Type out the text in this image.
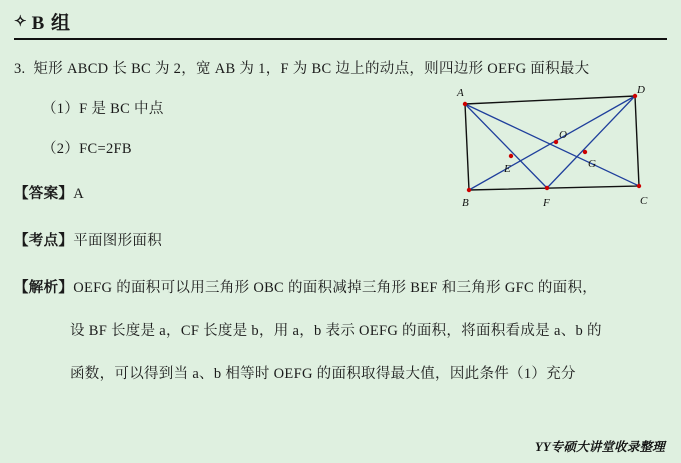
✧ B 组
3. 矩形 ABCD 长 BC 为 2，宽 AB 为 1，F 为 BC 边上的动点，则四边形 OEFG 面积最大
（1）F 是 BC 中点
（2）FC=2FB
【答案】A
【考点】平面图形面积
【解析】OEFG 的面积可以用三角形 OBC 的面积减掉三角形 BEF 和三角形 GFC 的面积，
设 BF 长度是 a，CF 长度是 b，用 a，b 表示 OEFG 的面积，将面积看成是 a、b 的
函数，可以得到当 a、b 相等时 OEFG 的面积取得最大值，因此条件（1）充分
A	D
C
B	F
E	G
O
YY专硕大讲堂收录整理
